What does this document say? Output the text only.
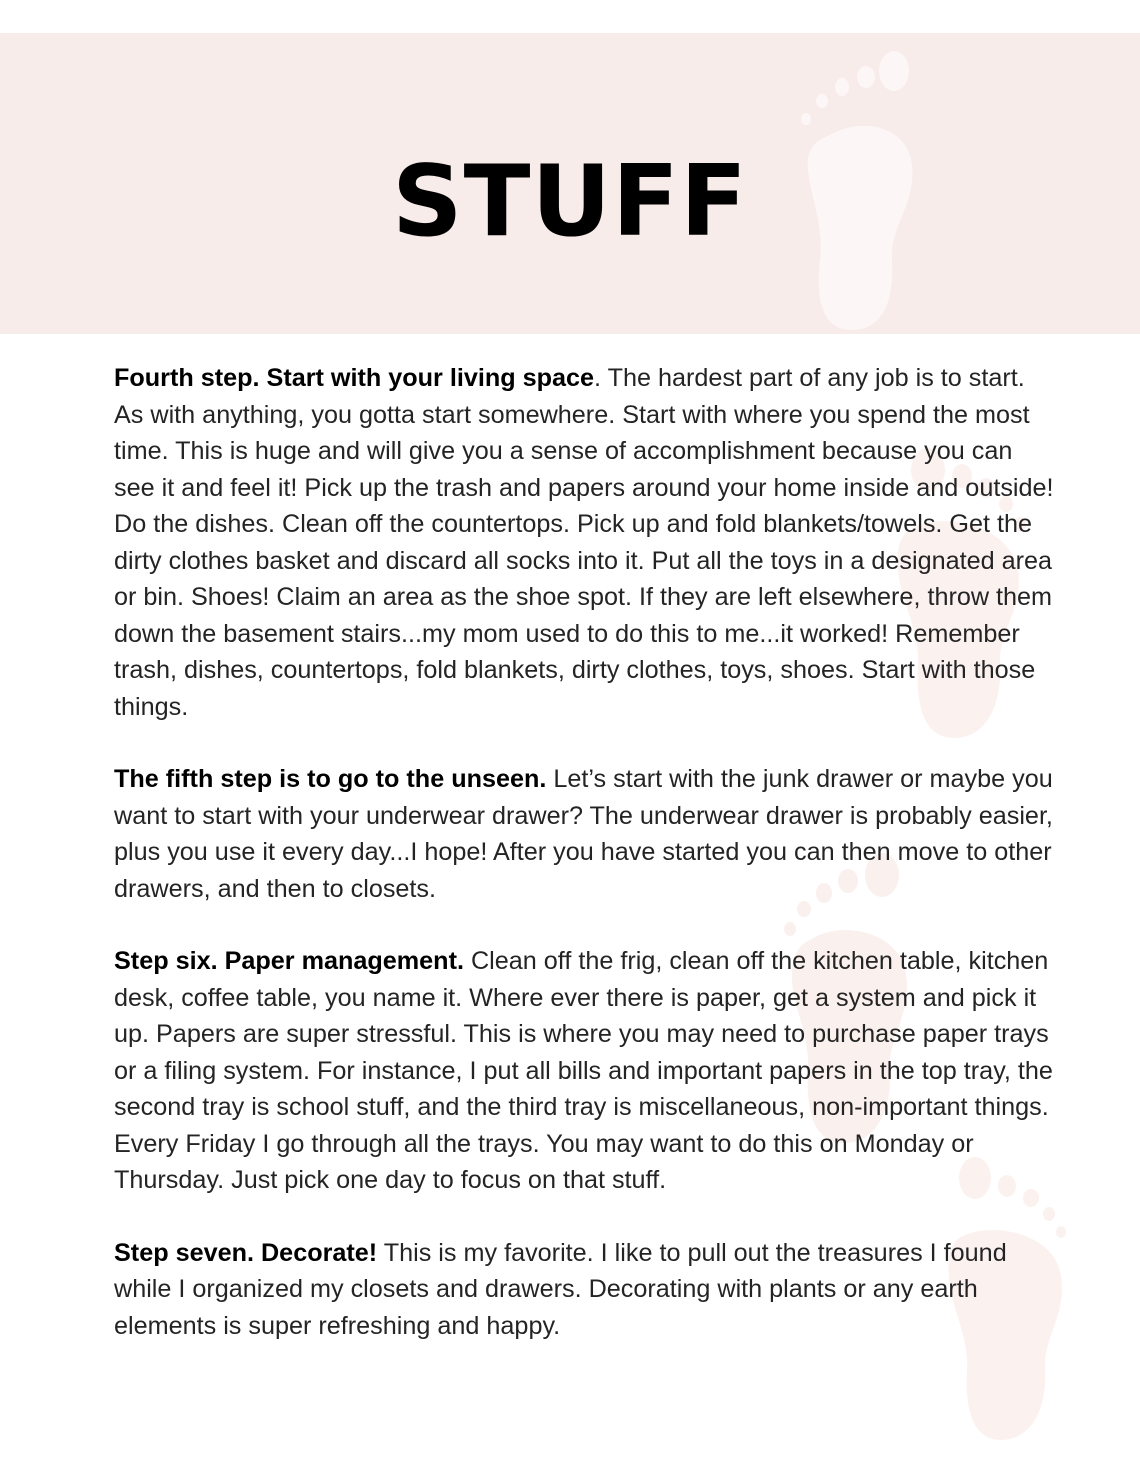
STUFF

Fourth step. Start with your living space. The hardest part of any job is to start. As with anything, you gotta start somewhere. Start with where you spend the most time. This is huge and will give you a sense of accomplishment because you can see it and feel it! Pick up the trash and papers around your home inside and outside! Do the dishes. Clean off the countertops. Pick up and fold blankets/towels. Get the dirty clothes basket and discard all socks into it. Put all the toys in a designated area or bin. Shoes! Claim an area as the shoe spot. If they are left elsewhere, throw them down the basement stairs...my mom used to do this to me...it worked! Remember trash, dishes, countertops, fold blankets, dirty clothes, toys, shoes. Start with those things.

The fifth step is to go to the unseen. Let’s start with the junk drawer or maybe you want to start with your underwear drawer? The underwear drawer is probably easier, plus you use it every day...I hope! After you have started you can then move to other drawers, and then to closets.

Step six. Paper management. Clean off the frig, clean off the kitchen table, kitchen desk, coffee table, you name it. Where ever there is paper, get a system and pick it up. Papers are super stressful. This is where you may need to purchase paper trays or a filing system. For instance, I put all bills and important papers in the top tray, the second tray is school stuff, and the third tray is miscellaneous, non-important things. Every Friday I go through all the trays. You may want to do this on Monday or Thursday. Just pick one day to focus on that stuff.

Step seven. Decorate! This is my favorite. I like to pull out the treasures I found while I organized my closets and drawers. Decorating with plants or any earth elements is super refreshing and happy.
